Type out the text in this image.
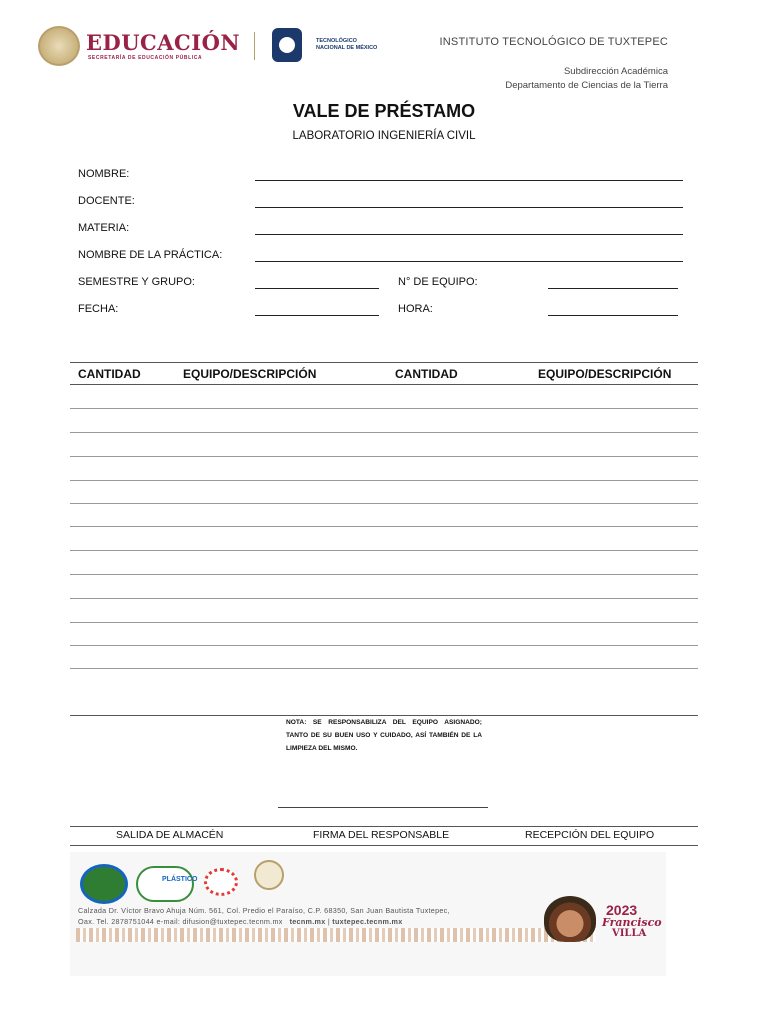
EDUCACIÓN
SECRETARÍA DE EDUCACIÓN PÚBLICA
TECNOLÓGICO
NACIONAL DE MÉXICO	INSTITUTO TECNOLÓGICO DE TUXTEPEC
Subdirección Académica
Departamento de Ciencias de la Tierra
VALE DE PRÉSTAMO
LABORATORIO INGENIERÍA CIVIL
NOMBRE:
DOCENTE:
MATERIA:
NOMBRE DE LA PRÁCTICA:
SEMESTRE Y GRUPO:	N° DE EQUIPO:
FECHA:	HORA:
CANTIDAD	EQUIPO/DESCRIPCIÓN	CANTIDAD	EQUIPO/DESCRIPCIÓN
NOTA: SE RESPONSABILIZA DEL EQUIPO ASIGNADO; TANTO DE SU BUEN USO Y CUIDADO, ASÍ TAMBIÉN DE LA LIMPIEZA DEL MISMO.
SALIDA DE ALMACÉN	FIRMA DEL RESPONSABLE	RECEPCIÓN DEL EQUIPO
PLÁSTICO
Calzada Dr. Víctor Bravo Ahuja Núm. 561, Col. Predio el Paraíso, C.P. 68350, San Juan Bautista Tuxtepec,
Oax. Tel. 2878751044 e-mail: difusion@tuxtepec.tecnm.mx tecnm.mx | tuxtepec.tecnm.mx
2023
Francisco
VILLA
